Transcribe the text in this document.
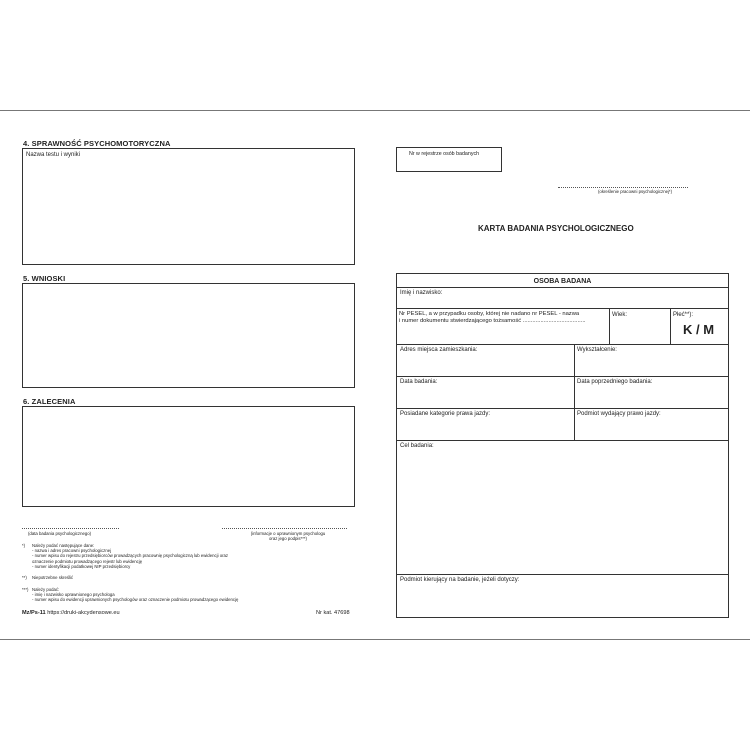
4. SPRAWNOŚĆ PSYCHOMOTORYCZNA
Nazwa testu i wyniki
5. WNIOSKI
6. ZALECENIA
(data badania psychologicznego)	(informacje o uprawnionym psychologu
oraz jego podpis***)
*) Należy podać następujące dane:
- nazwa i adres pracowni psychologicznej
- numer wpisu do rejestru przedsiębiorców prowadzących pracownię psychologiczną lub ewidencji oraz
oznaczenie podmiotu prowadzącego rejestr lub ewidencję
- numer identyfikacji podatkowej NIP przedsiębiorcy
**) Niepotrzebne skreślić
***) Należy podać:
- imię i nazwisko uprawnionego psychologa
- numer wpisu do ewidencji uprawnionych psychologów oraz oznaczenie podmiotu prowadzącego ewidencję
Mz/Ps-11 https://druki-akcydensowe.eu	Nr kat. 47698
Nr w rejestrze osób badanych
(określenie pracowni psychologicznej*)
KARTA BADANIA PSYCHOLOGICZNEGO
OSOBA BADANA
Imię i nazwisko:
Nr PESEL, a w przypadku osoby, której nie nadano nr PESEL - nazwa
i numer dokumentu stwierdzającego tożsamość .......................................
Wiek:	Płeć**):
K / M
Adres miejsca zamieszkania:	Wykształcenie:
Data badania:	Data poprzedniego badania:
Posiadane kategorie prawa jazdy:	Podmiot wydający prawo jazdy:
Cel badania:
Podmiot kierujący na badanie, jeżeli dotyczy:
